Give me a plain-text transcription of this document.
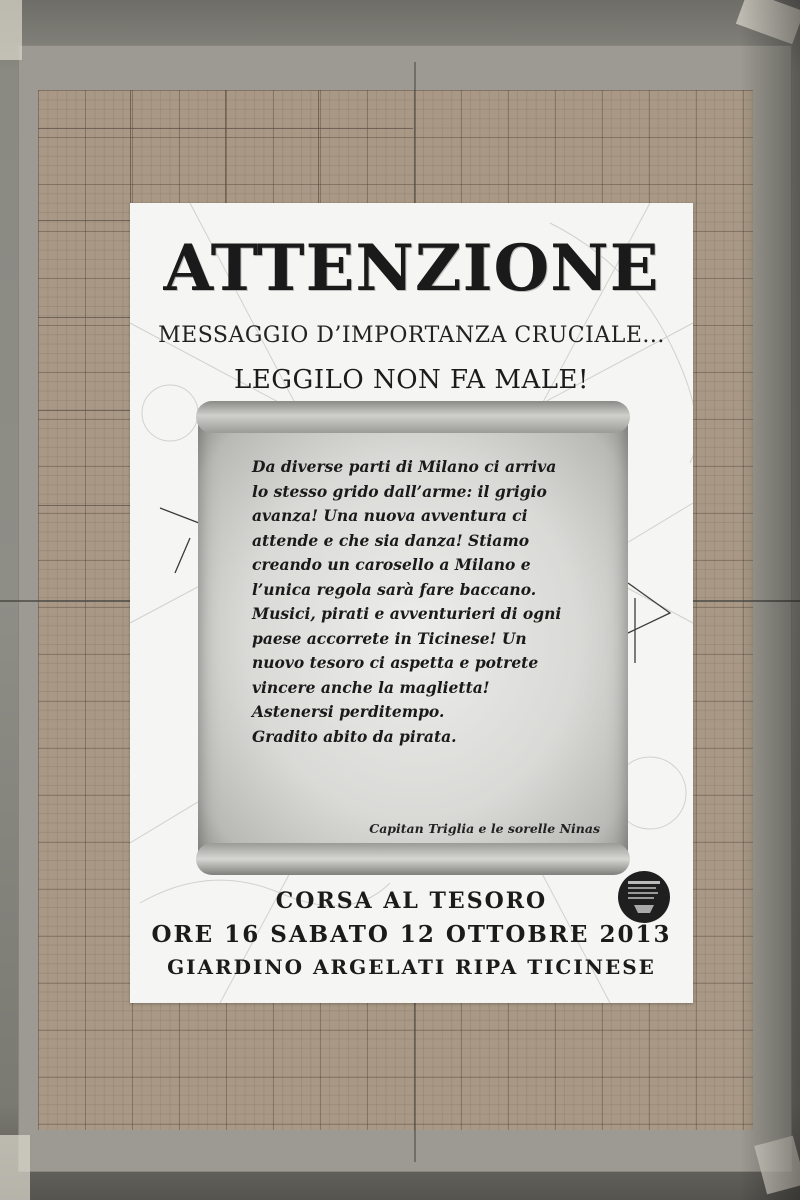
ATTENZIONE
MESSAGGIO D’IMPORTANZA CRUCIALE...
LEGGILO NON FA MALE!
Da diverse parti di Milano ci arriva
lo stesso grido dall’arme: il grigio
avanza! Una nuova avventura ci
attende e che sia danza! Stiamo
creando un carosello a Milano e
l’unica regola sarà fare baccano.
Musici, pirati e avventurieri di ogni
paese accorrete in Ticinese! Un
nuovo tesoro ci aspetta e potrete
vincere anche la maglietta!
Astenersi perditempo.
Gradito abito da pirata.
Capitan Triglia e le sorelle Ninas
CORSA AL TESORO
ORE 16 SABATO 12 OTTOBRE 2013
GIARDINO ARGELATI RIPA TICINESE
